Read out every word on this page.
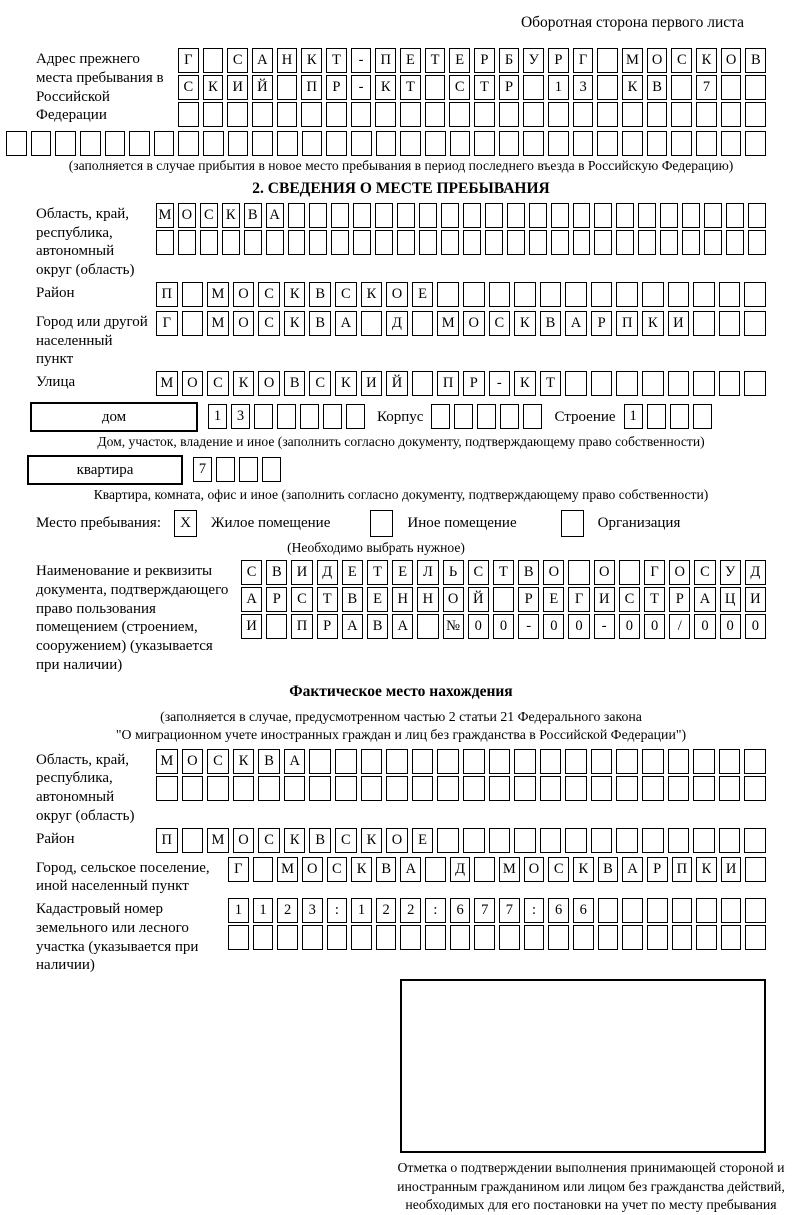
Оборотная сторона первого листа
Адрес прежнего места пребывания в Российской Федерации
Г	С	А Н	К	Т	-	П	Е	Т	Е	Р	Б	У	Р	Г	М О	С	К	О	В
С	К	И Й	П	Р	-	К	Т	С	Т	Р	1	3	К	В	7
(заполняется в случае прибытия в новое место пребывания в период последнего въезда в Российскую Федерацию)
2. СВЕДЕНИЯ О МЕСТЕ ПРЕБЫВАНИЯ
Область, край, республика, автономный округ (область)
М О С К В А
Район	П	М О	С	К	В	С	К	О	Е
Город или другой населенный пункт
Г	М О	С	К	В	А	Д	М О	С	К	В	А	Р	П	К	И
Улица	М О	С	К	О	В	С	К	И	Й	П	Р	-	К	Т
дом	1	3	Корпус	Строение 1
Дом, участок, владение и иное (заполнить согласно документу, подтверждающему право собственности)
квартира	7
Квартира, комната, офис и иное (заполнить согласно документу, подтверждающему право собственности)
Место пребывания:	X	Жилое помещение	Иное помещение	Организация
(Необходимо выбрать нужное)
Наименование и реквизиты документа, подтверждающего право пользования помещением (строением, сооружением) (указывается при наличии)
С	В	И	Д	Е	Т	Е	Л	Ь	С	Т	В	О	О	Г	О	С	У	Д
А	Р	С	Т	В	Е	Н	Н	О	Й	Р	Е	Г	И	С	Т	Р	А	Ц	И
И	П	Р	А	В	А	№	0	0	-	0	0	-	0	0	/	0	0	0
Фактическое место нахождения
(заполняется в случае, предусмотренном частью 2 статьи 21 Федерального закона
"О миграционном учете иностранных граждан и лиц без гражданства в Российской Федерации")
Область, край, республика, автономный округ (область)
М О	С	К	В	А
Район	П	М О	С	К	В	С	К	О	Е
Город, сельское поселение, иной населенный пункт
Г	М О	С	К	В	А	Д	М О	С	К	В	А	Р	П	К	И
Кадастровый номер земельного или лесного участка (указывается при наличии)
1	1	2	3	:	1	2	2	:	6	7	7	:	6	6
Отметка о подтверждении выполнения принимающей стороной и иностранным гражданином или лицом без гражданства действий, необходимых для его постановки на учет по месту пребывания
